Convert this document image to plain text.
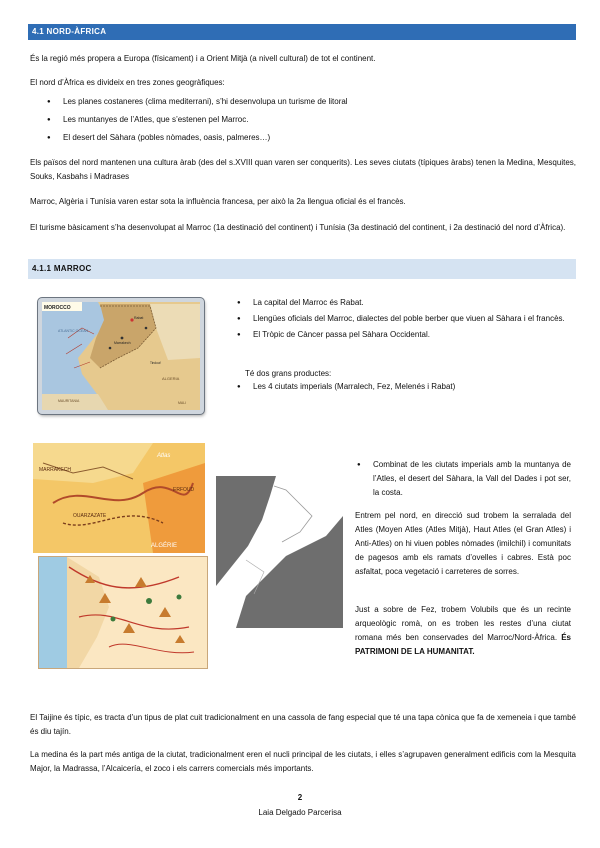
4.1 NORD-ÀFRICA

És la regió més propera a Europa (físicament) i a Orient Mitjà (a nivell cultural) de tot el continent.

El nord d’Àfrica es divideix en tres zones geogràfiques:

● Les planes costaneres (clima mediterrani), s’hi desenvolupa un turisme de litoral
● Les muntanyes de l’Atles, que s’estenen pel Marroc.
● El desert del Sàhara (pobles nòmades, oasis, palmeres…)

Els països del nord mantenen una cultura àrab (des del s.XVIII quan varen ser conquerits). Les seves ciutats (típiques àrabs) tenen la Medina, Mesquites, Souks, Kasbahs i Madrases

Marroc, Algèria i Tunísia varen estar sota la influència francesa, per això la 2a llengua oficial és el francès.

El turisme bàsicament s’ha desenvolupat al Marroc (1a destinació del continent) i Tunísia (3a destinació del continent, i 2a destinació del nord d’Àfrica).

4.1.1 MARROC
MOROCCO
ATLANTIC OCEAN
Rabat
Marrakech
ALGERIA
MAURITANIA	MALI
Tindouf
● La capital del Marroc és Rabat.
● Llengües oficials del Marroc, dialectes del poble berber que viuen al Sàhara i el francès.
● El Tròpic de Càncer passa pel Sàhara Occidental.

Té dos grans productes:

● Les 4 ciutats imperials (Marralech, Fez, Melenés i Rabat)
MARRAKECH
ALGÉRIE
Atlas
ERFOUD
OUARZAZATE
● Combinat de les ciutats imperials amb la muntanya de l’Atles, el desert del Sàhara, la Vall del Dades i pot ser, la costa.

Entrem pel nord, en direcció sud trobem la serralada del Atles (Moyen Atles (Atles Mitjà), Haut Atles (el Gran Atles) i Anti-Atles) on hi viuen pobles nòmades (imilchil) i comunitats de pagesos amb els ramats d’ovelles i cabres. Està poc asfaltat, poca vegetació i carreteres de sorres.

Just a sobre de Fez, trobem Volubils que és un recinte arqueològic romà, on es troben les restes d’una ciutat romana més ben conservades del Marroc/Nord-Àfrica. És PATRIMONI DE LA HUMANITAT.

El Taijine és típic, es tracta d’un tipus de plat cuit tradicionalment en una cassola de fang especial que té una tapa cònica que fa de xemeneia i que també és diu tajín.

La medina és la part més antiga de la ciutat, tradicionalment eren el nucli principal de les ciutats, i elles s’agrupaven generalment edificis com la Mesquita Major, la Madrassa, l’Alcaicería, el zoco i els carrers comercials més importants.

2
Laia Delgado Parcerisa
